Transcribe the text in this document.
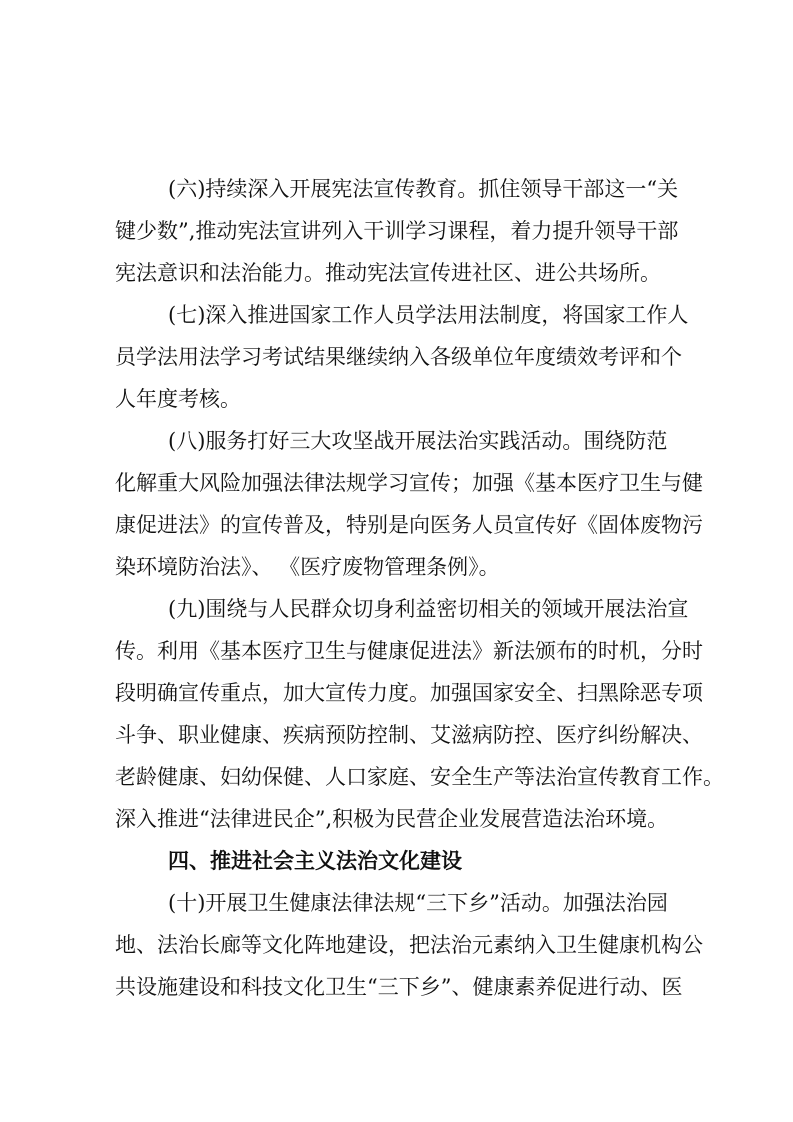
(六)持续深入开展宪法宣传教育。抓住领导干部这一“关
键少数”,推动宪法宣讲列入干训学习课程，着力提升领导干部
宪法意识和法治能力。推动宪法宣传进社区、进公共场所。
(七)深入推进国家工作人员学法用法制度，将国家工作人
员学法用法学习考试结果继续纳入各级单位年度绩效考评和个
人年度考核。
(八)服务打好三大攻坚战开展法治实践活动。围绕防范
化解重大风险加强法律法规学习宣传；加强《基本医疗卫生与健
康促进法》的宣传普及，特别是向医务人员宣传好《固体废物污
染环境防治法》、 《医疗废物管理条例》。
(九)围绕与人民群众切身利益密切相关的领域开展法治宣
传。利用《基本医疗卫生与健康促进法》新法颁布的时机，分时
段明确宣传重点，加大宣传力度。加强国家安全、扫黑除恶专项
斗争、职业健康、疾病预防控制、艾滋病防控、医疗纠纷解决、
老龄健康、妇幼保健、人口家庭、安全生产等法治宣传教育工作。
深入推进“法律进民企”,积极为民营企业发展营造法治环境。
四、推进社会主义法治文化建设
(十)开展卫生健康法律法规“三下乡”活动。加强法治园
地、法治长廊等文化阵地建设，把法治元素纳入卫生健康机构公
共设施建设和科技文化卫生“三下乡”、健康素养促进行动、医
